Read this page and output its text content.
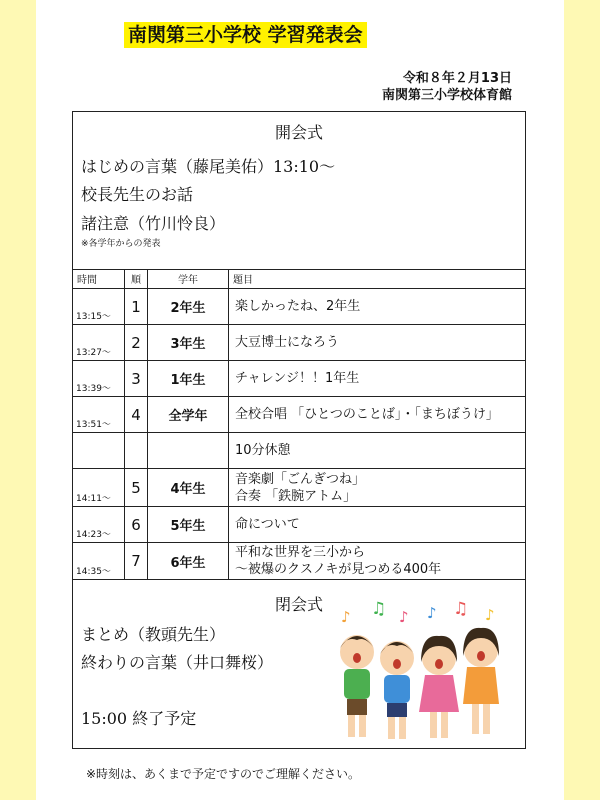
南関第三小学校 学習発表会
令和８年２月13日
南関第三小学校体育館
開会式
はじめの言葉（藤尾美佑）13:10～
校長先生のお話
諸注意（竹川怜良）
※各学年からの発表
時間	順	学年	題目
13:15～	1	2年生	楽しかったね、2年生

13:27～	2	3年生	大豆博士になろう

13:39～	3	1年生	チャレンジ！！1年生

13:51～	4	全学年	全校合唱 「ひとつのことば」・「まちぼうけ」

			10分休憩

14:11～	5	4年生	音楽劇「ごんぎつね」
合奏 「鉄腕アトム」

14:23～	6	5年生	命について

14:35～	7	6年生	平和な世界を三小から
～被爆のクスノキが見つめる400年
閉会式
まとめ（教頭先生）
終わりの言葉（井口舞桜）
15:00 終了予定
♪ ♫ ♪ ♪ ♫ ♪
※時刻は、あくまで予定ですのでご理解ください。
